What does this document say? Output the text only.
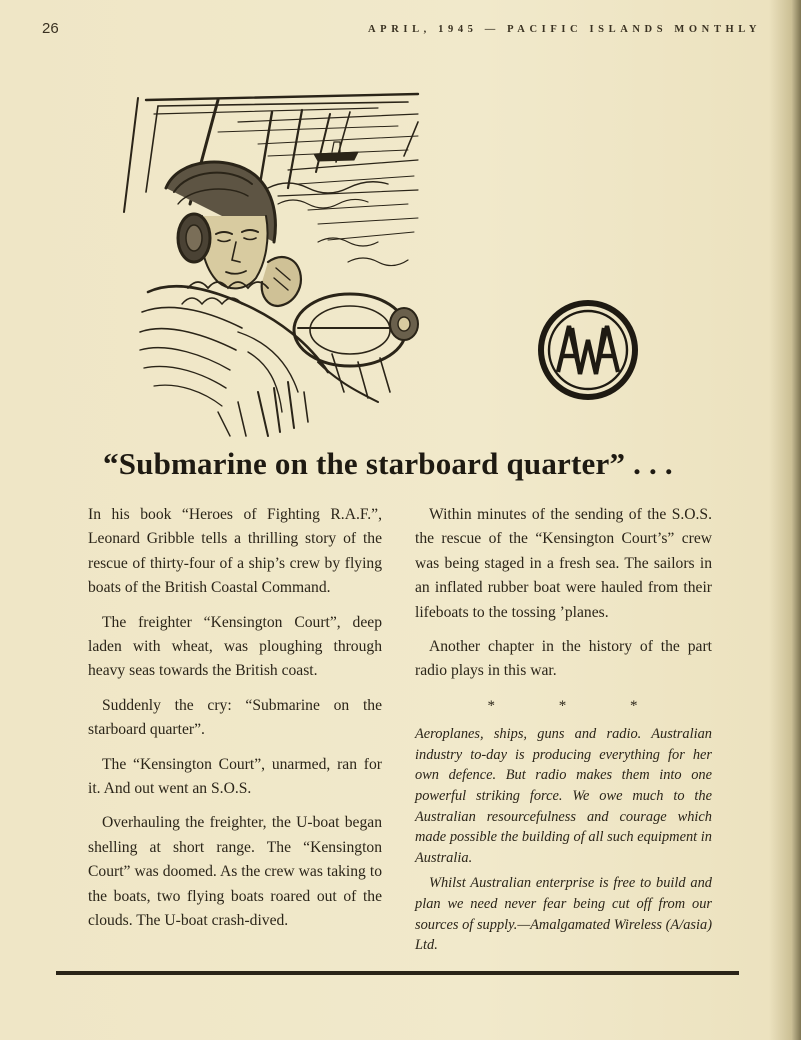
26	APRIL, 1945 — PACIFIC ISLANDS MONTHLY
“Submarine on the starboard quarter” . . .

In his book “Heroes of Fighting R.A.F.”, Leonard Gribble tells a thrilling story of the rescue of thirty-four of a ship’s crew by flying boats of the British Coastal Command.

The freighter “Kensington Court”, deep laden with wheat, was ploughing through heavy seas towards the British coast.

Suddenly the cry: “Submarine on the starboard quarter”.

The “Kensington Court”, unarmed, ran for it. And out went an S.O.S.

Overhauling the freighter, the U-boat began shelling at short range. The “Kensington Court” was doomed. As the crew was taking to the boats, two flying boats roared out of the clouds. The U-boat crash-dived.

Within minutes of the sending of the S.O.S. the rescue of the “Kensington Court’s” crew was being staged in a fresh sea. The sailors in an inflated rubber boat were hauled from their lifeboats to the tossing ’planes.

Another chapter in the history of the part radio plays in this war.

* * *

Aeroplanes, ships, guns and radio. Australian industry to-day is producing everything for her own defence. But radio makes them into one powerful striking force. We owe much to the Australian resourcefulness and courage which made possible the building of all such equipment in Australia.

Whilst Australian enterprise is free to build and plan we need never fear being cut off from our sources of supply.—Amalgamated Wireless (A/asia) Ltd.
